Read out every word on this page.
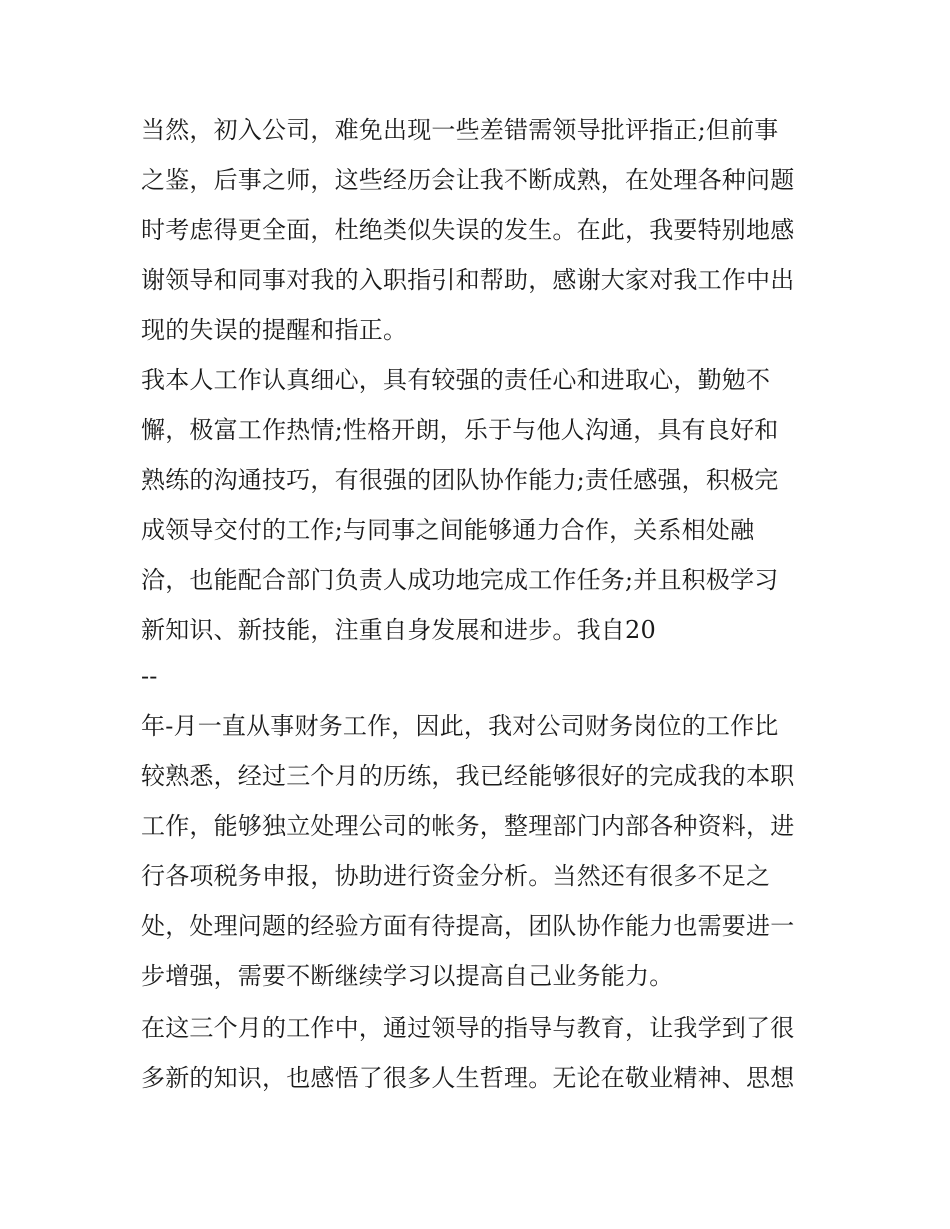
当然，初入公司，难免出现一些差错需领导批评指正;但前事
之鉴，后事之师，这些经历会让我不断成熟，在处理各种问题
时考虑得更全面，杜绝类似失误的发生。在此，我要特别地感
谢领导和同事对我的入职指引和帮助，感谢大家对我工作中出
现的失误的提醒和指正。
我本人工作认真细心，具有较强的责任心和进取心，勤勉不
懈，极富工作热情;性格开朗，乐于与他人沟通，具有良好和
熟练的沟通技巧，有很强的团队协作能力;责任感强，积极完
成领导交付的工作;与同事之间能够通力合作，关系相处融
洽，也能配合部门负责人成功地完成工作任务;并且积极学习
新知识、新技能，注重自身发展和进步。我自20
--
年-月一直从事财务工作，因此，我对公司财务岗位的工作比
较熟悉，经过三个月的历练，我已经能够很好的完成我的本职
工作，能够独立处理公司的帐务，整理部门内部各种资料，进
行各项税务申报，协助进行资金分析。当然还有很多不足之
处，处理问题的经验方面有待提高，团队协作能力也需要进一
步增强，需要不断继续学习以提高自己业务能力。
在这三个月的工作中，通过领导的指导与教育，让我学到了很
多新的知识，也感悟了很多人生哲理。无论在敬业精神、思想
